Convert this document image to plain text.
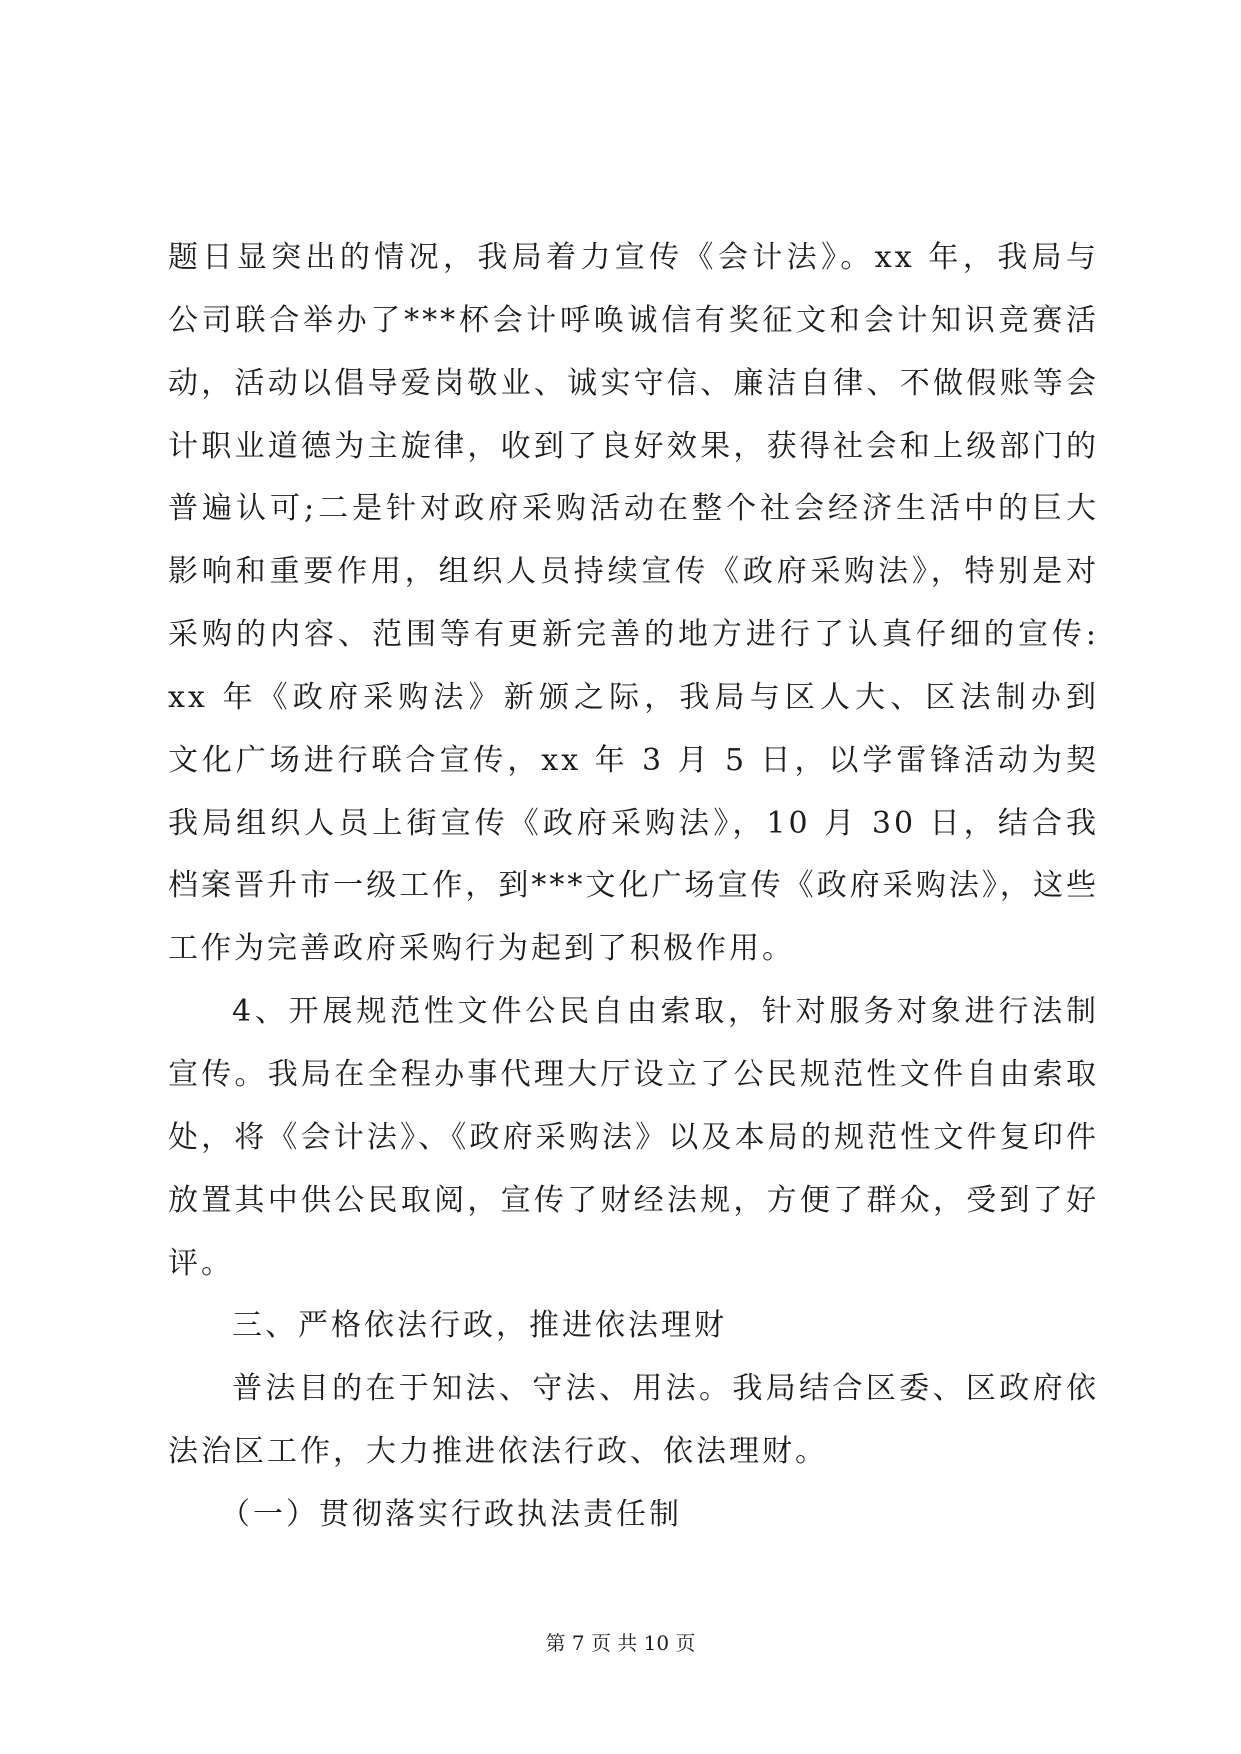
题日显突出的情况，我局着力宣传《会计法》。xx 年，我局与
公司联合举办了***杯会计呼唤诚信有奖征文和会计知识竞赛活
动，活动以倡导爱岗敬业、诚实守信、廉洁自律、不做假账等会
计职业道德为主旋律，收到了良好效果，获得社会和上级部门的
普遍认可;二是针对政府采购活动在整个社会经济生活中的巨大
影响和重要作用，组织人员持续宣传《政府采购法》，特别是对
采购的内容、范围等有更新完善的地方进行了认真仔细的宣传:
xx 年《政府采购法》新颁之际，我局与区人大、区法制办到
文化广场进行联合宣传，xx 年 3 月 5 日，以学雷锋活动为契
我局组织人员上街宣传《政府采购法》，10 月 30 日，结合我
档案晋升市一级工作，到***文化广场宣传《政府采购法》，这些
工作为完善政府采购行为起到了积极作用。
4、开展规范性文件公民自由索取，针对服务对象进行法制
宣传。我局在全程办事代理大厅设立了公民规范性文件自由索取
处，将《会计法》、《政府采购法》以及本局的规范性文件复印件
放置其中供公民取阅，宣传了财经法规，方便了群众，受到了好
评。
三、严格依法行政，推进依法理财
普法目的在于知法、守法、用法。我局结合区委、区政府依
法治区工作，大力推进依法行政、依法理财。
（一）贯彻落实行政执法责任制
第 7 页 共 10 页
